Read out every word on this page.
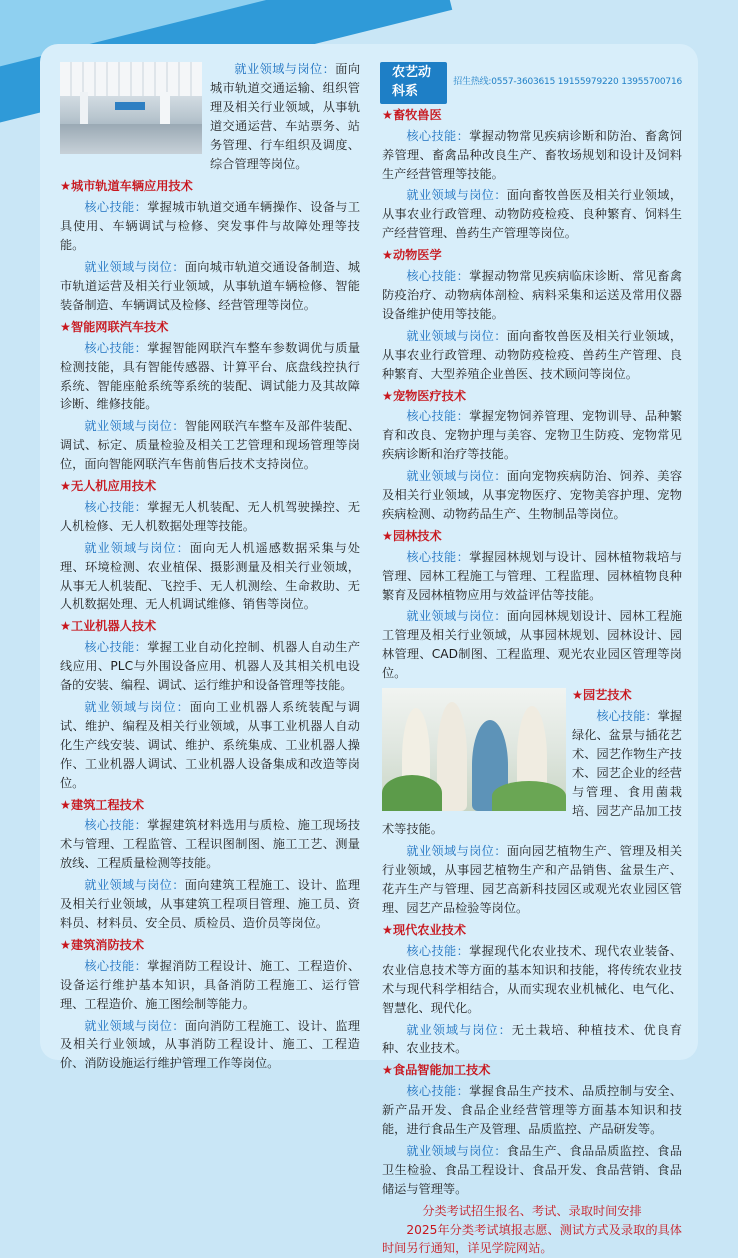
就业领域与岗位：面向城市轨道交通运输、组织管理及相关行业领域，从事轨道交通运营、车站票务、站务管理、行车组织及调度、综合管理等岗位。

★城市轨道车辆应用技术

核心技能：掌握城市轨道交通车辆操作、设备与工具使用、车辆调试与检修、突发事件与故障处理等技能。

就业领域与岗位：面向城市轨道交通设备制造、城市轨道运营及相关行业领域，从事轨道车辆检修、智能装备制造、车辆调试及检修、经营管理等岗位。

★智能网联汽车技术

核心技能：掌握智能网联汽车整车参数调优与质量检测技能，具有智能传感器、计算平台、底盘线控执行系统、智能座舱系统等系统的装配、调试能力及其故障诊断、维修技能。

就业领域与岗位：智能网联汽车整车及部件装配、调试、标定、质量检验及相关工艺管理和现场管理等岗位，面向智能网联汽车售前售后技术支持岗位。

★无人机应用技术

核心技能：掌握无人机装配、无人机驾驶操控、无人机检修、无人机数据处理等技能。

就业领域与岗位：面向无人机遥感数据采集与处理、环境检测、农业植保、摄影测量及相关行业领域，从事无人机装配、飞控手、无人机测绘、生命救助、无人机数据处理、无人机调试维修、销售等岗位。

★工业机器人技术

核心技能：掌握工业自动化控制、机器人自动生产线应用、PLC与外围设备应用、机器人及其相关机电设备的安装、编程、调试、运行维护和设备管理等技能。

就业领域与岗位：面向工业机器人系统装配与调试、维护、编程及相关行业领域，从事工业机器人自动化生产线安装、调试、维护、系统集成、工业机器人操作、工业机器人调试、工业机器人设备集成和改造等岗位。

★建筑工程技术

核心技能：掌握建筑材料选用与质检、施工现场技术与管理、工程监管、工程识图制图、施工工艺、测量放线、工程质量检测等技能。

就业领域与岗位：面向建筑工程施工、设计、监理及相关行业领域，从事建筑工程项目管理、施工员、资料员、材料员、安全员、质检员、造价员等岗位。

★建筑消防技术

核心技能：掌握消防工程设计、施工、工程造价、设备运行维护基本知识，具备消防工程施工、运行管理、工程造价、施工图绘制等能力。

就业领域与岗位：面向消防工程施工、设计、监理及相关行业领域，从事消防工程设计、施工、工程造价、消防设施运行维护管理工作等岗位。

农艺动科系
招生热线:0557-3603615 19155979220 13955700716
★畜牧兽医

核心技能：掌握动物常见疾病诊断和防治、畜禽饲养管理、畜禽品种改良生产、畜牧场规划和设计及饲料生产经营管理等技能。

就业领域与岗位：面向畜牧兽医及相关行业领域，从事农业行政管理、动物防疫检疫、良种繁育、饲料生产经营管理、兽药生产管理等岗位。

★动物医学

核心技能：掌握动物常见疾病临床诊断、常见畜禽防疫治疗、动物病体剖检、病料采集和运送及常用仪器设备维护使用等技能。

就业领域与岗位：面向畜牧兽医及相关行业领域，从事农业行政管理、动物防疫检疫、兽药生产管理、良种繁育、大型养殖企业兽医、技术顾问等岗位。

★宠物医疗技术

核心技能：掌握宠物饲养管理、宠物训导、品种繁育和改良、宠物护理与美容、宠物卫生防疫、宠物常见疾病诊断和治疗等技能。

就业领域与岗位：面向宠物疾病防治、饲养、美容及相关行业领域，从事宠物医疗、宠物美容护理、宠物疾病检测、动物药品生产、生物制品等岗位。

★园林技术

核心技能：掌握园林规划与设计、园林植物栽培与管理、园林工程施工与管理、工程监理、园林植物良种繁育及园林植物应用与效益评估等技能。

就业领域与岗位：面向园林规划设计、园林工程施工管理及相关行业领域，从事园林规划、园林设计、园林管理、CAD制图、工程监理、观光农业园区管理等岗位。

★园艺技术

核心技能：掌握绿化、盆景与插花艺术、园艺作物生产技术、园艺企业的经营与管理、食用菌栽培、园艺产品加工技术等技能。

就业领域与岗位：面向园艺植物生产、管理及相关行业领域，从事园艺植物生产和产品销售、盆景生产、花卉生产与管理、园艺高新科技园区或观光农业园区管理、园艺产品检验等岗位。

★现代农业技术

核心技能：掌握现代化农业技术、现代农业装备、农业信息技术等方面的基本知识和技能，将传统农业技术与现代科学相结合，从而实现农业机械化、电气化、智慧化、现代化。

就业领域与岗位：无土栽培、种植技术、优良育种、农业技术。

★食品智能加工技术

核心技能：掌握食品生产技术、品质控制与安全、新产品开发、食品企业经营管理等方面基本知识和技能，进行食品生产及管理、品质监控、产品研发等。

就业领域与岗位：食品生产、食品品质监控、食品卫生检验、食品工程设计、食品开发、食品营销、食品储运与管理等。

分类考试招生报名、考试、录取时间安排

2025年分类考试填报志愿、测试方式及录取的具体时间另行通知，详见学院网站。
